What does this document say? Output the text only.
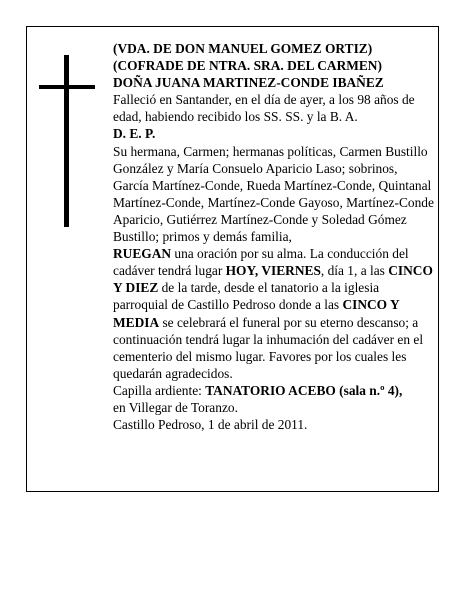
(VDA. DE DON MANUEL GOMEZ ORTIZ)

(COFRADE DE NTRA. SRA. DEL CARMEN)

DOÑA JUANA MARTINEZ-CONDE IBAÑEZ

Falleció en Santander, en el día de ayer, a los 98 años de edad, habiendo recibido los SS. SS. y la B. A.

D. E. P.

Su hermana, Carmen; hermanas políticas, Carmen Bustillo González y María Consuelo Aparicio Laso; sobrinos, García Martínez-Conde, Rueda Martínez-Conde, Quintanal Martínez-Conde, Martínez-Conde Gayoso, Martínez-Conde Aparicio, Gutiérrez Martínez-Conde y Soledad Gómez Bustillo; primos y demás familia,

RUEGAN una oración por su alma. La conducción del cadáver tendrá lugar HOY, VIERNES, día 1, a las CINCO Y DIEZ de la tarde, desde el tanatorio a la iglesia parroquial de Castillo Pedroso donde a las CINCO Y MEDIA se celebrará el funeral por su eterno descanso; a continuación tendrá lugar la inhumación del cadáver en el cementerio del mismo lugar. Favores por los cuales les quedarán agradecidos.

Capilla ardiente: TANATORIO ACEBO (sala n.º 4),

en Villegar de Toranzo.

Castillo Pedroso, 1 de abril de 2011.
